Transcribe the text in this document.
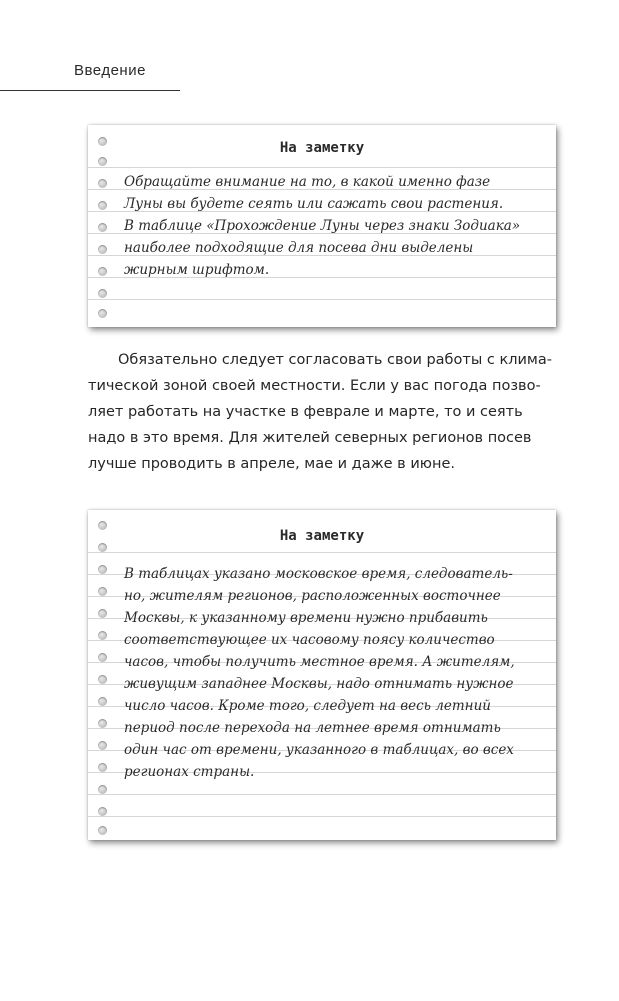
Введение
На заметку
Обращайте внимание на то, в какой именно фазе
Луны вы будете сеять или сажать свои растения.
В таблице «Прохождение Луны через знаки Зодиака»
наиболее подходящие для посева дни выделены
жирным шрифтом.
Обязательно следует согласовать свои работы с клима-
тической зоной своей местности. Если у вас погода позво-
ляет работать на участке в феврале и марте, то и сеять
надо в это время. Для жителей северных регионов посев
лучше проводить в апреле, мае и даже в июне.
На заметку
В таблицах указано московское время, следователь-
но, жителям регионов, расположенных восточнее
Москвы, к указанному времени нужно прибавить
соответствующее их часовому поясу количество
часов, чтобы получить местное время. А жителям,
живущим западнее Москвы, надо отнимать нужное
число часов. Кроме того, следует на весь летний
период после перехода на летнее время отнимать
один час от времени, указанного в таблицах, во всех
регионах страны.
